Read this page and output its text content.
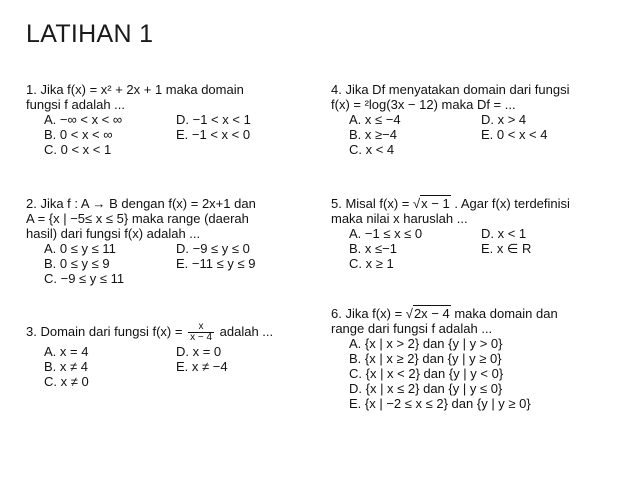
LATIHAN 1
1. Jika f(x) = x² + 2x + 1 maka domain
fungsi f adalah ...
A. −∞ < x < ∞	D. −1 < x < 1
B. 0 < x < ∞	E. −1 < x < 0
C. 0 < x < 1
2. Jika f : A → B dengan f(x) = 2x+1 dan
A = {x | −5≤ x ≤ 5} maka range (daerah
hasil) dari fungsi f(x) adalah ...
A. 0 ≤ y ≤ 11	D. −9 ≤ y ≤ 0
B. 0 ≤ y ≤ 9	E. −11 ≤ y ≤ 9
C. −9 ≤ y ≤ 11
3. Domain dari fungsi $f(x) = \frac{x}{x - 4}$ adalah ...
A. x = 4	D. x = 0
B. x ≠ 4	E. x ≠ −4
C. x ≠ 0
4. Jika Df menyatakan domain dari fungsi
f(x) = ²log(3x − 12) maka Df = ...
A. x ≤ −4	D. x > 4
B. x ≥−4	E. 0 < x < 4
C. x < 4
5. Misal f(x) = √x − 1 . Agar f(x) terdefinisi
maka nilai x haruslah ...
A. −1 ≤ x ≤ 0	D. x < 1
B. x ≤−1	E. x ∈ R
C. x ≥ 1
6. Jika f(x) = √2x − 4 maka domain dan
range dari fungsi f adalah ...
A. {x | x > 2} dan {y | y > 0}
B. {x | x ≥ 2} dan {y | y ≥ 0}
C. {x | x < 2} dan {y | y < 0}
D. {x | x ≤ 2} dan {y | y ≤ 0}
E. {x | −2 ≤ x ≤ 2} dan {y | y ≥ 0}
